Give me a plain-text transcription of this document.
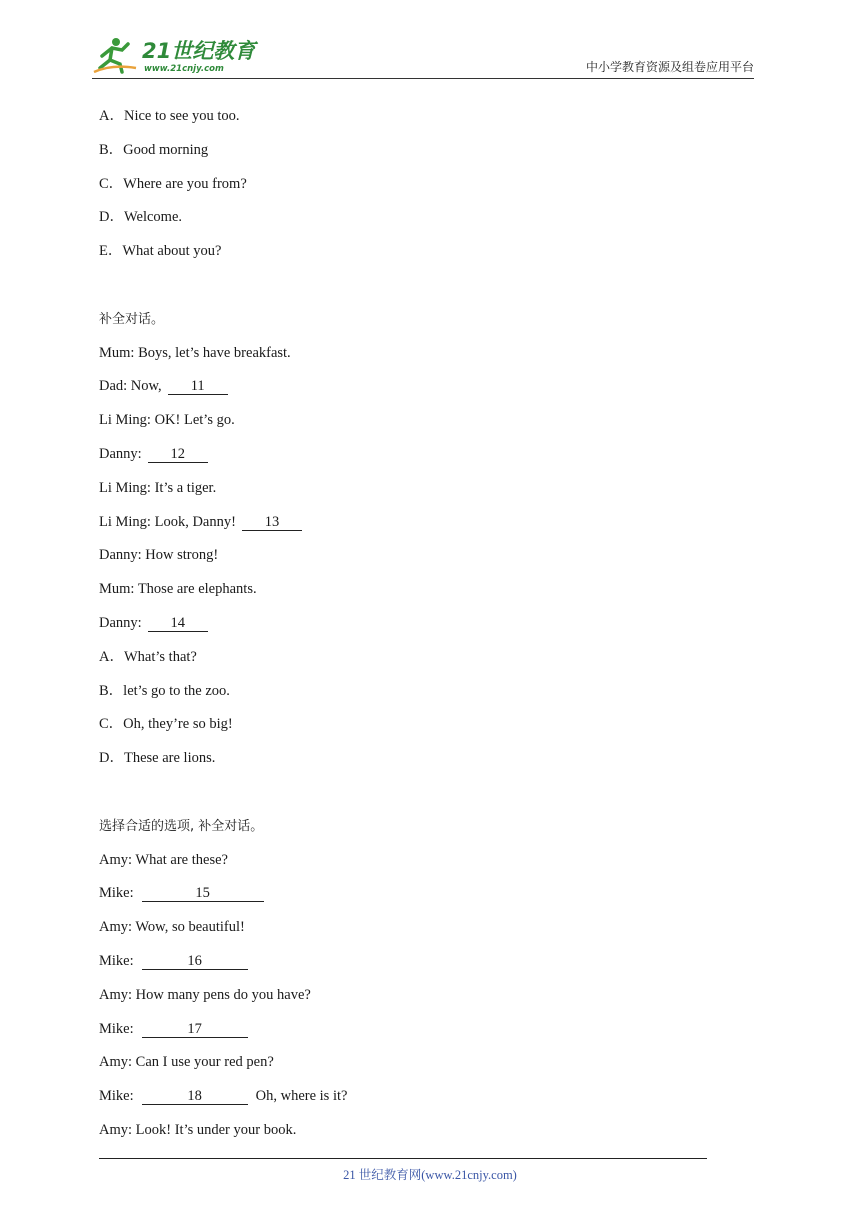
21世纪教育
www.21cnjy.com	中小学教育资源及组卷应用平台
A．Nice to see you too.
B．Good morning
C．Where are you from?
D．Welcome.
E．What about you?
补全对话。
Mum: Boys, let’s have breakfast.
Dad: Now, 11
Li Ming: OK! Let’s go.
Danny: 12
Li Ming: It’s a tiger.
Li Ming: Look, Danny! 13
Danny: How strong!
Mum: Those are elephants.
Danny: 14
A．What’s that?
B．let’s go to the zoo.
C．Oh, they’re so big!
D．These are lions.
选择合适的选项, 补全对话。
Amy: What are these?
Mike:	15
Amy: Wow, so beautiful!
Mike:	16
Amy: How many pens do you have?
Mike:	17
Amy: Can I use your red pen?
Mike:	18	Oh, where is it?
Amy: Look! It’s under your book.
21 世纪教育网(www.21cnjy.com)
